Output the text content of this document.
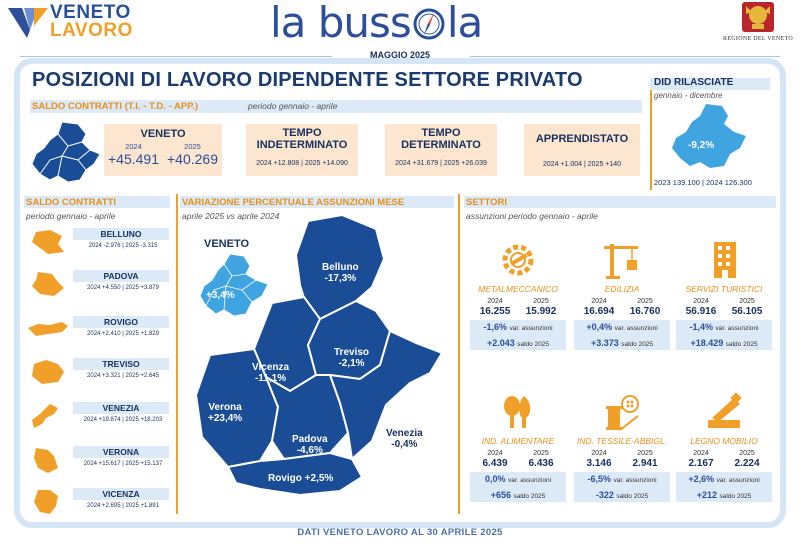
VENETO
LAVORO	la buss la	REGIONE DEL VENETO
MAGGIO 2025
POSIZIONI DI LAVORO DIPENDENTE SETTORE PRIVATO
SALDO CONTRATTI (T.I. - T.D. - APP.)	periodo gennaio - aprile
VENETO
2024	2025
+45.491 +40.269
TEMPO
INDETERMINATO
2024 +12.808 | 2025 +14.090
TEMPO
DETERMINATO
2024 +31.679 | 2025 +26.039
APPRENDISTATO
2024 +1.004 | 2025 +140
DID RILASCIATE
gennaio - dicembre
-9,2%
2023 139.100 | 2024 126.300
SALDO CONTRATTI
periodo gennaio - aprile
BELLUNO
2024 -2.976 | 2025 -3.315
PADOVA
2024 +4.550 | 2025 +3.879
ROVIGO
2024 +2.410 | 2025 +1.829
TREVISO
2024 +3.321 | 2025 +2.645
VENEZIA
2024 +19.874 | 2025 +18.203
VERONA
2024 +15.617 | 2025 +15.137
VICENZA
2024 +2.695 | 2025 +1.891
VARIAZIONE PERCENTUALE ASSUNZIONI MESE
aprile 2025 vs aprile 2024
VENETO
+3,4%
Belluno
-17,3%
Vicenza
-11,1%
Treviso
-2,1%
Verona
+23,4%
Padova
-4,6%
Venezia
-0,4%
Rovigo +2,5%
SETTORI
assunzioni periodo gennaio - aprile
METALMECCANICO
2024	2025
16.255 15.992
-1,6% var. assunzioni
+2.043 saldo 2025
EDILIZIA
2024	2025
16.694 16.760
+0,4% var. assunzioni
+3.373 saldo 2025
SERVIZI TURISTICI
2024	2025
56.916 56.105
-1,4% var. assunzioni
+18.429 saldo 2025
IND. ALIMENTARE
2024	2025
6.439 6.436
0,0% var. assunzioni
+656 saldo 2025
IND. TESSILE-ABBIGL.
2024	2025
3.146 2.941
-6,5% var. assunzioni
-322 saldo 2025
LEGNO MOBILIO
2024	2025
2.167 2.224
+2,6% var. assunzioni
+212 saldo 2025
DATI VENETO LAVORO AL 30 APRILE 2025
